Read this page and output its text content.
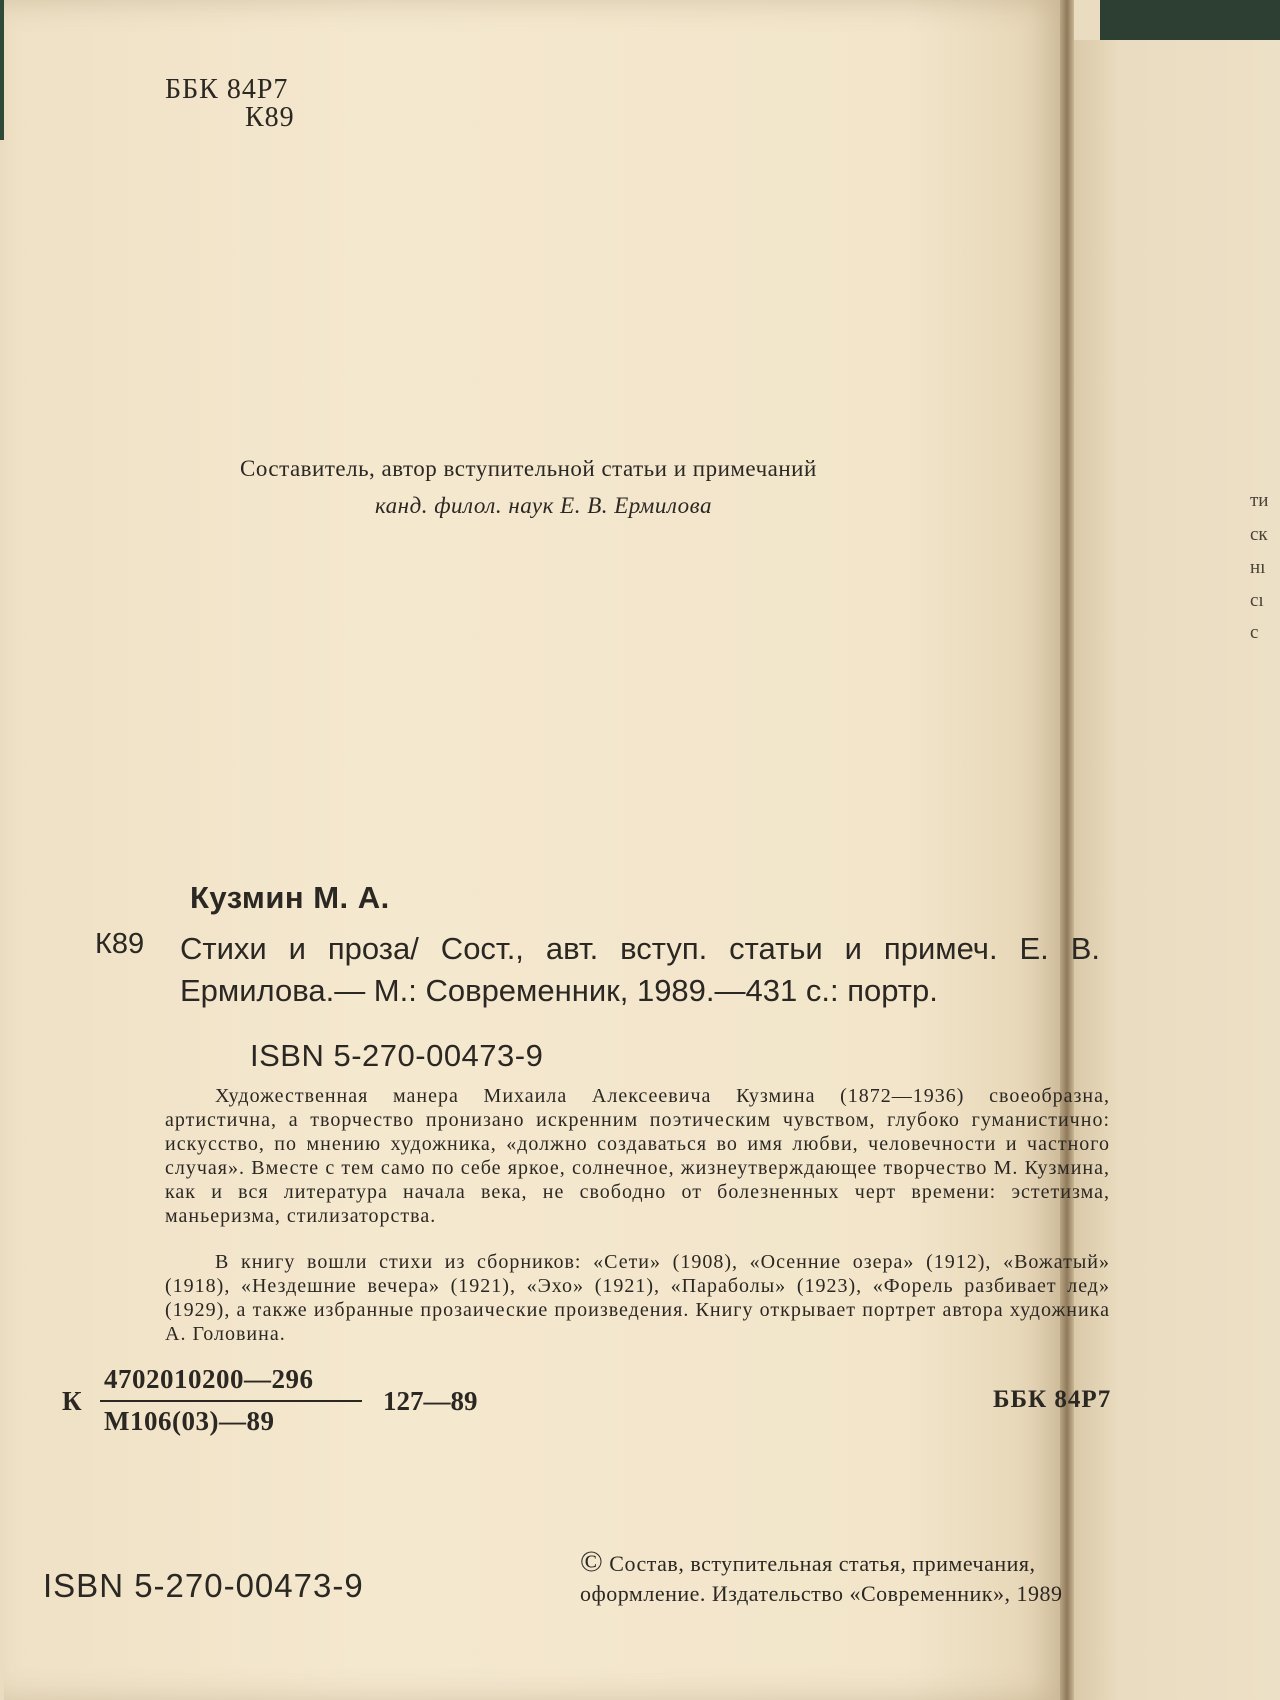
ББК 84Р7
К89
Составитель, автор вступительной статьи и примечаний
канд. филол. наук Е. В. Ермилова
Кузмин М. А.
К89 Стихи и проза/ Сост., авт. вступ. статьи и примеч. Е. В. Ермилова.— М.: Современник, 1989.—431 с.: портр.
ISBN 5-270-00473-9
Художественная манера Михаила Алексеевича Кузмина (1872—1936) своеобразна, артистична, а творчество пронизано искренним поэтическим чувством, глубоко гуманистично: искусство, по мнению художника, «должно создаваться во имя любви, человечности и частного случая». Вместе с тем само по себе яркое, солнечное, жизнеутверждающее творчество М. Кузмина, как и вся литература начала века, не свободно от болезненных черт времени: эстетизма, маньеризма, стилизаторства.
В книгу вошли стихи из сборников: «Сети» (1908), «Осенние озера» (1912), «Вожатый» (1918), «Нездешние вечера» (1921), «Эхо» (1921), «Параболы» (1923), «Форель разбивает лед» (1929), а также избранные прозаические произведения. Книгу открывает портрет автора художника А. Головина.
К
4702010200—296
М106(03)—89
127—89	ББК 84Р7
ISBN 5-270-00473-9
© Состав, вступительная статья, примечания,
оформление. Издательство «Современник», 1989
ти
ск
нı
сı
с
